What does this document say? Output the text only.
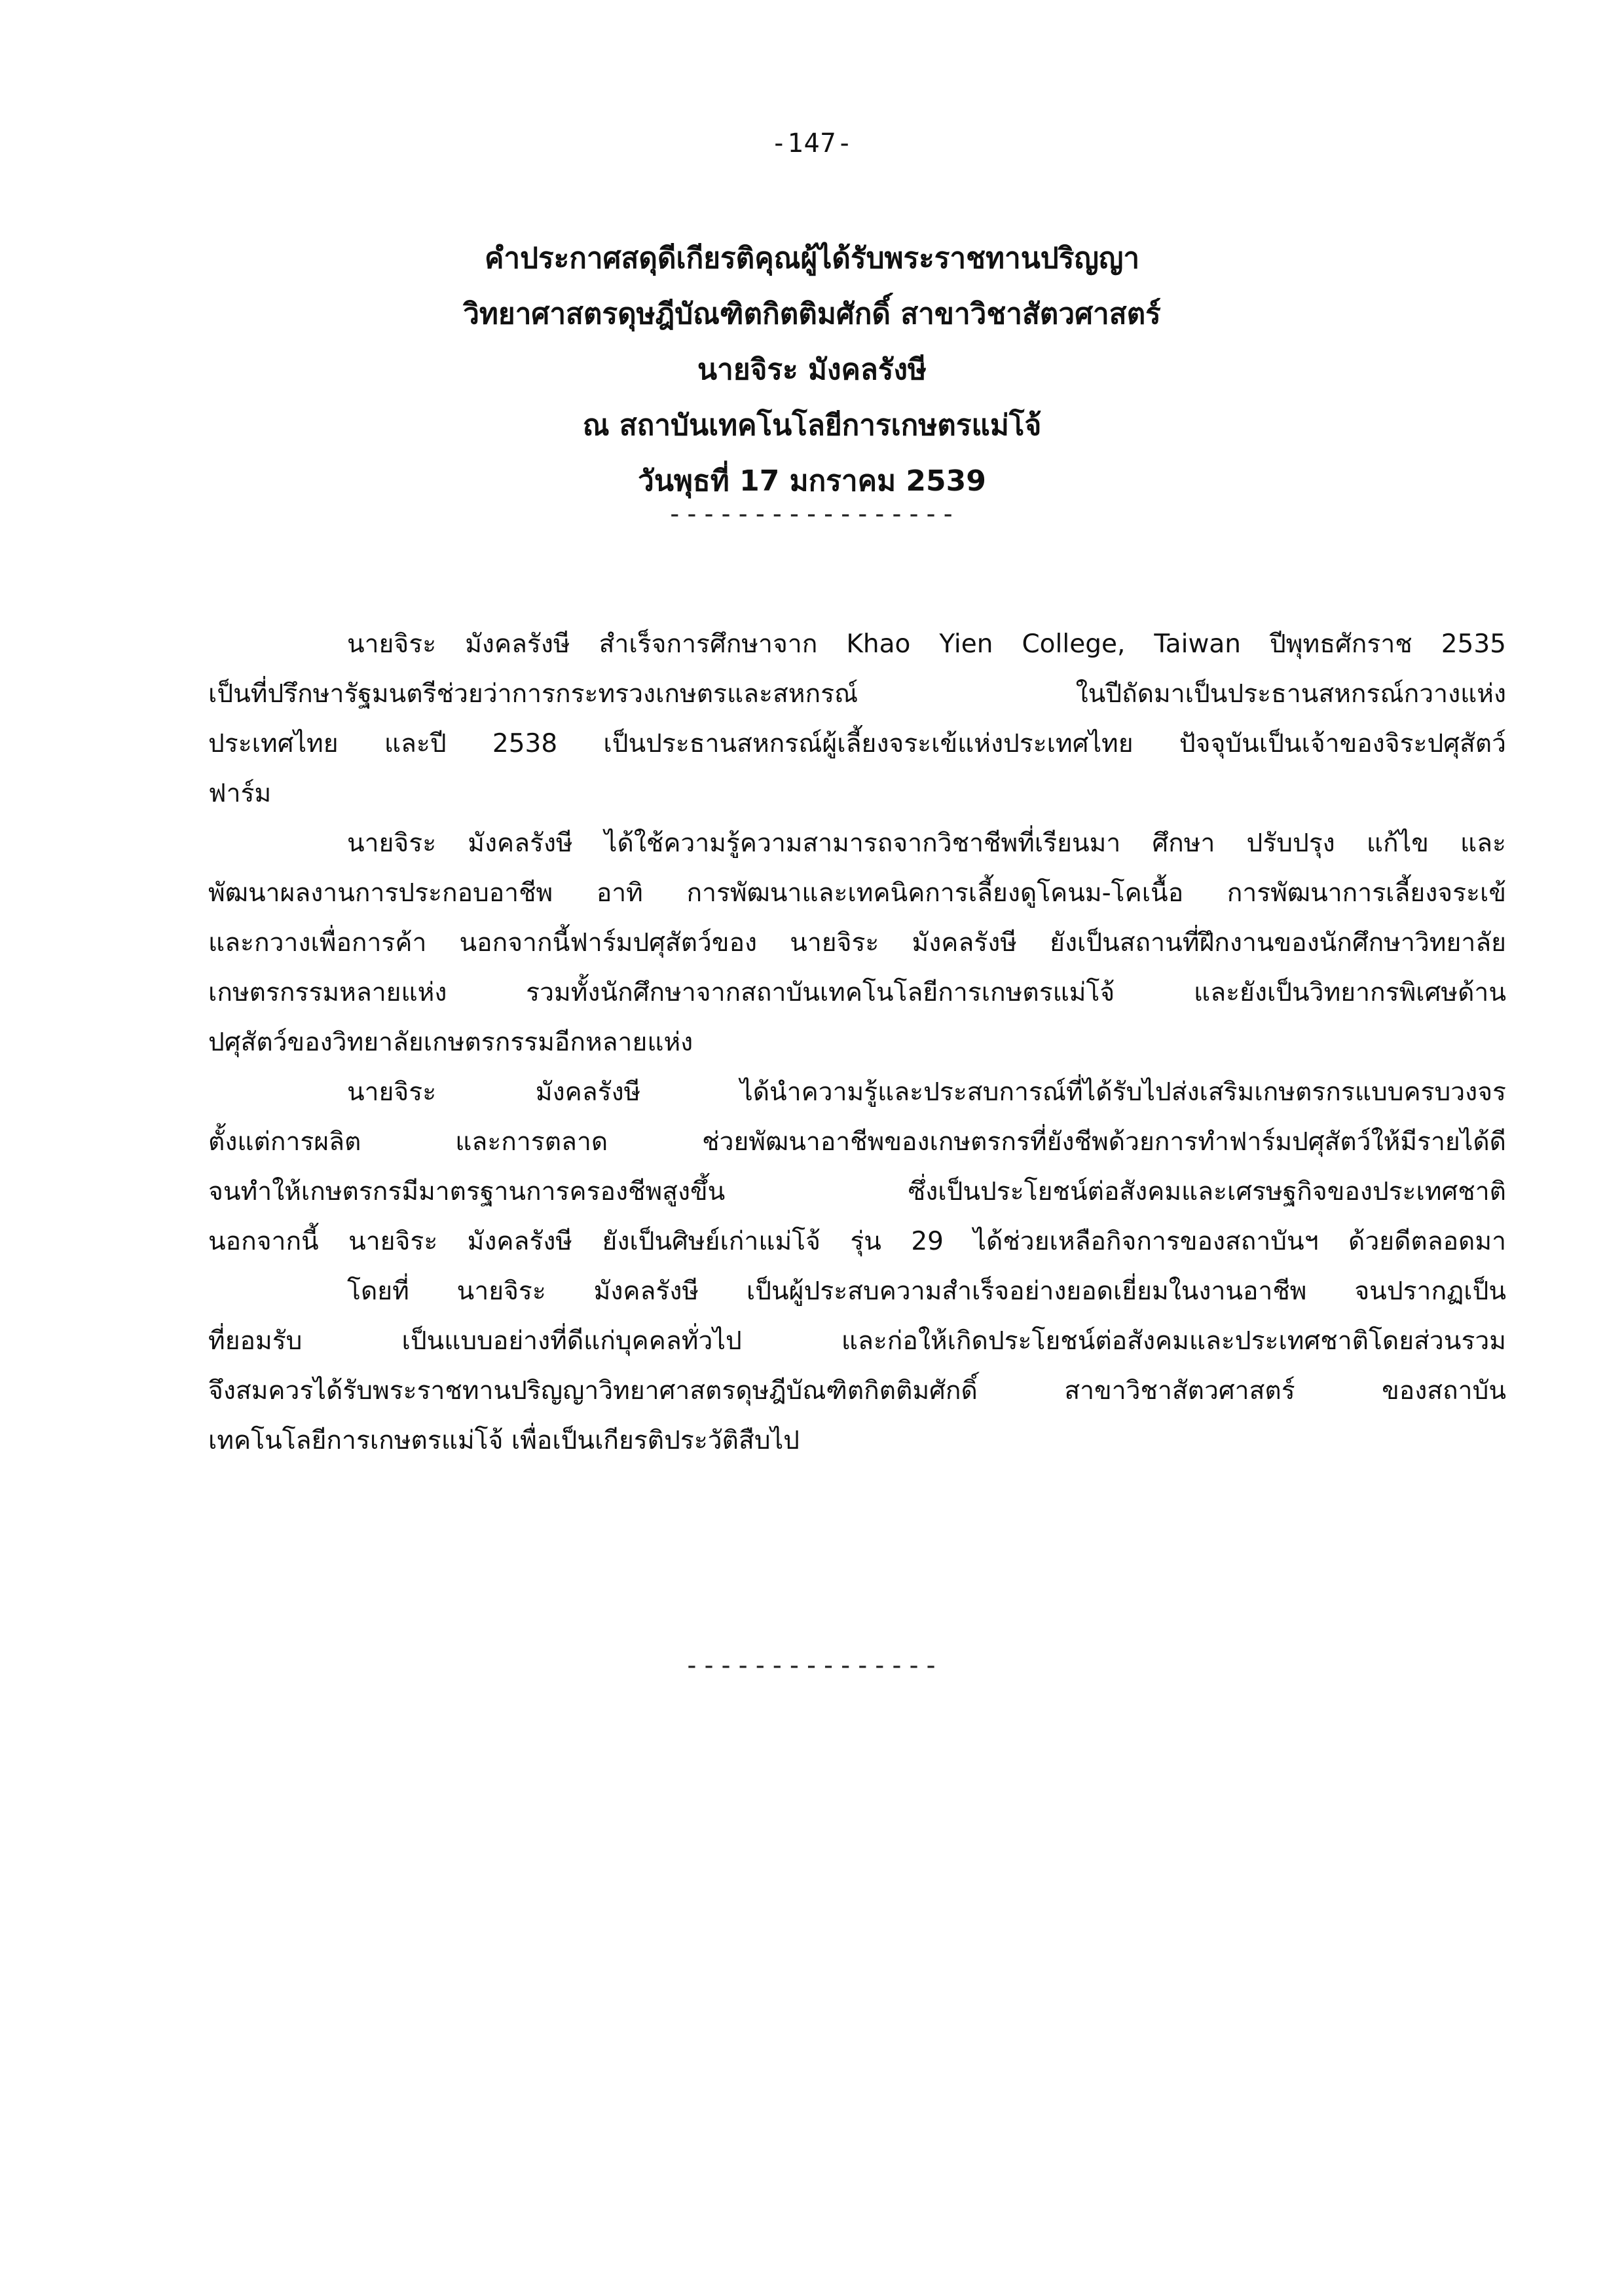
-147-
คำประกาศสดุดีเกียรติคุณผู้ได้รับพระราชทานปริญญา
วิทยาศาสตรดุษฎีบัณฑิตกิตติมศักดิ์ สาขาวิชาสัตวศาสตร์
นายจิระ มังคลรังษี
ณ สถาบันเทคโนโลยีการเกษตรแม่โจ้
วันพุธที่ 17 มกราคม 2539
-----------------

นายจิระ มังคลรังษี สำเร็จการศึกษาจาก Khao Yien College, Taiwan ปีพุทธศักราช 2535
เป็นที่ปรึกษารัฐมนตรีช่วยว่าการกระทรวงเกษตรและสหกรณ์ ในปีถัดมาเป็นประธานสหกรณ์กวางแห่ง
ประเทศไทย และปี 2538 เป็นประธานสหกรณ์ผู้เลี้ยงจระเข้แห่งประเทศไทย ปัจจุบันเป็นเจ้าของจิระปศุสัตว์
ฟาร์ม

นายจิระ มังคลรังษี ได้ใช้ความรู้ความสามารถจากวิชาชีพที่เรียนมา ศึกษา ปรับปรุง แก้ไข และ
พัฒนาผลงานการประกอบอาชีพ อาทิ การพัฒนาและเทคนิคการเลี้ยงดูโคนม-โคเนื้อ การพัฒนาการเลี้ยงจระเข้
และกวางเพื่อการค้า นอกจากนี้ฟาร์มปศุสัตว์ของ นายจิระ มังคลรังษี ยังเป็นสถานที่ฝึกงานของนักศึกษาวิทยาลัย
เกษตรกรรมหลายแห่ง รวมทั้งนักศึกษาจากสถาบันเทคโนโลยีการเกษตรแม่โจ้ และยังเป็นวิทยากรพิเศษด้าน
ปศุสัตว์ของวิทยาลัยเกษตรกรรมอีกหลายแห่ง

นายจิระ มังคลรังษี ได้นำความรู้และประสบการณ์ที่ได้รับไปส่งเสริมเกษตรกรแบบครบวงจร
ตั้งแต่การผลิต และการตลาด ช่วยพัฒนาอาชีพของเกษตรกรที่ยังชีพด้วยการทำฟาร์มปศุสัตว์ให้มีรายได้ดี
จนทำให้เกษตรกรมีมาตรฐานการครองชีพสูงขึ้น ซึ่งเป็นประโยชน์ต่อสังคมและเศรษฐกิจของประเทศชาติ
นอกจากนี้ นายจิระ มังคลรังษี ยังเป็นศิษย์เก่าแม่โจ้ รุ่น 29 ได้ช่วยเหลือกิจการของสถาบันฯ ด้วยดีตลอดมา

โดยที่ นายจิระ มังคลรังษี เป็นผู้ประสบความสำเร็จอย่างยอดเยี่ยมในงานอาชีพ จนปรากฏเป็น
ที่ยอมรับ เป็นแบบอย่างที่ดีแก่บุคคลทั่วไป และก่อให้เกิดประโยชน์ต่อสังคมและประเทศชาติโดยส่วนรวม
จึงสมควรได้รับพระราชทานปริญญาวิทยาศาสตรดุษฎีบัณฑิตกิตติมศักดิ์ สาขาวิชาสัตวศาสตร์ ของสถาบัน
เทคโนโลยีการเกษตรแม่โจ้ เพื่อเป็นเกียรติประวัติสืบไป

---------------
